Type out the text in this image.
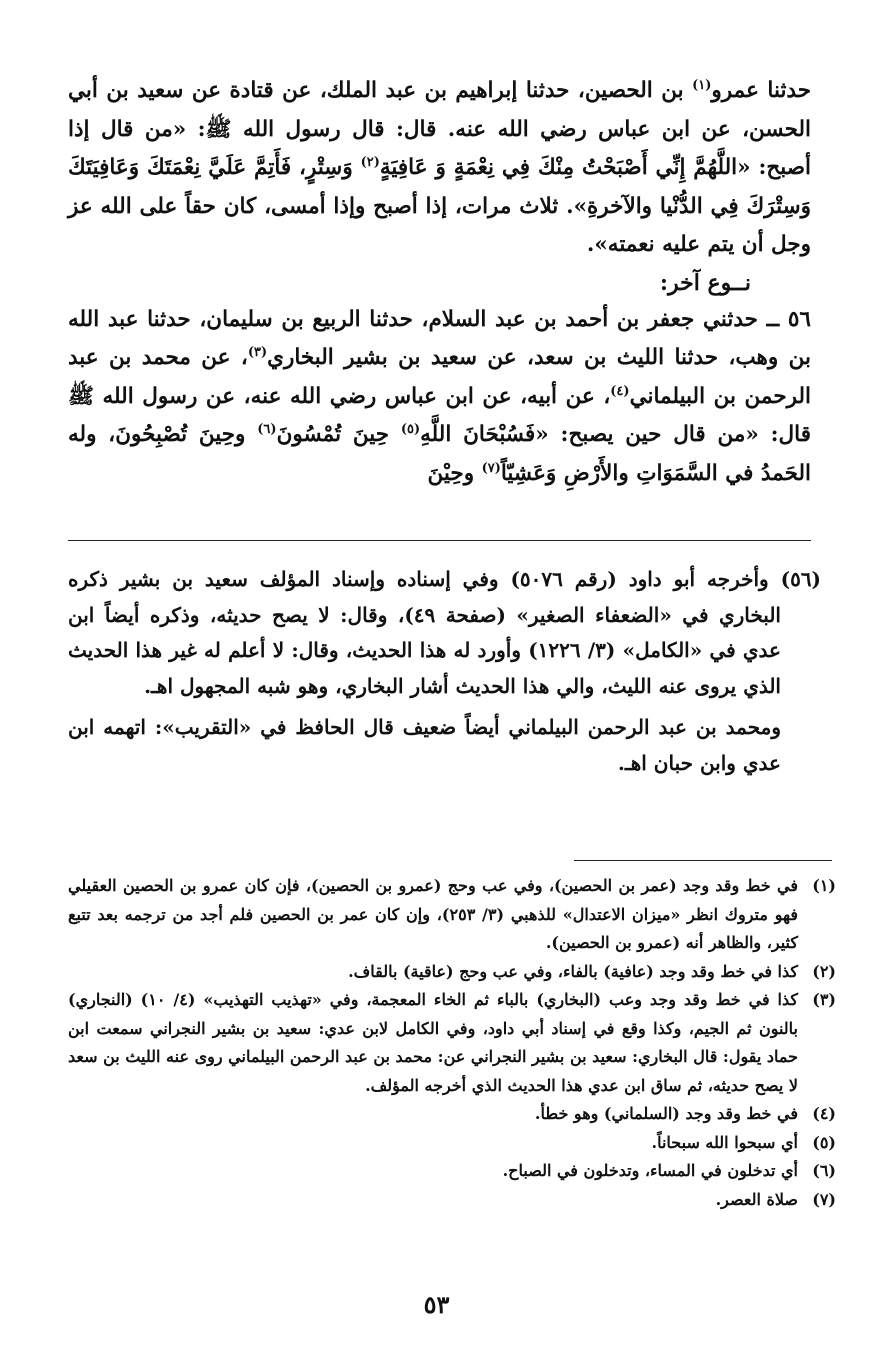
حدثنا عمرو$^{(١)}$ بن الحصين، حدثنا إبراهيم بن عبد الملك، عن قتادة عن سعيد بن أبي الحسن، عن ابن عباس رضي الله عنه. قال: قال رسول الله ﷺ: «من قال إذا أصبح: «اللَّهُمَّ إِنِّي أَصْبَحْتُ مِنْكَ فِي نِعْمَةٍ وَ عَافِيَةٍ$^{(٢)}$ وَسِتْرٍ، فَأَتِمَّ عَلَيَّ نِعْمَتَكَ وَعَافِيَتَكَ وَسِتْرَكَ فِي الدُّنْيا والآخرةِ». ثلاث مرات، إذا أصبح وإذا أمسى، كان حقاً على الله عز وجل أن يتم عليه نعمته».

نــوع آخر:

٥٦ ــ حدثني جعفر بن أحمد بن عبد السلام، حدثنا الربيع بن سليمان، حدثنا عبد الله بن وهب، حدثنا الليث بن سعد، عن سعيد بن بشير البخاري$^{(٣)}$، عن محمد بن عبد الرحمن بن البيلماني$^{(٤)}$، عن أبيه، عن ابن عباس رضي الله عنه، عن رسول الله ﷺ قال: «من قال حين يصبح: «فَسُبْحَانَ اللَّهِ$^{(٥)}$ حِينَ تُمْسُونَ$^{(٦)}$ وحِينَ تُصْبِحُونَ، وله الحَمدُ في السَّمَوَاتِ والأَرْضِ وَعَشِيّاً$^{(٧)}$ وحِيْنَ

(٥٦) وأخرجه أبو داود (رقم ٥٠٧٦) وفي إسناده وإسناد المؤلف سعيد بن بشير ذكره البخاري في «الضعفاء الصغير» (صفحة ٤٩)، وقال: لا يصح حديثه، وذكره أيضاً ابن عدي في «الكامل» (٣/ ١٢٢٦) وأورد له هذا الحديث، وقال: لا أعلم له غير هذا الحديث الذي يروى عنه الليث، والي هذا الحديث أشار البخاري، وهو شبه المجهول اهـ.

ومحمد بن عبد الرحمن البيلماني أيضاً ضعيف قال الحافظ في «التقريب»: اتهمه ابن عدي وابن حبان اهـ.

(١)
في خط وقد وجد (عمر بن الحصين)، وفي عب وحج (عمرو بن الحصين)، فإن كان عمرو بن الحصين العقيلي فهو متروك انظر «ميزان الاعتدال» للذهبي (٣/ ٢٥٣)، وإن كان عمر بن الحصين فلم أجد من ترجمه بعد تتبع كثير، والظاهر أنه (عمرو بن الحصين).
(٢)
كذا في خط وقد وجد (عافية) بالفاء، وفي عب وحج (عاقية) بالقاف.
(٣)
كذا في خط وقد وجد وعب (البخاري) بالباء ثم الخاء المعجمة، وفي «تهذيب التهذيب» (٤/ ١٠) (النجاري) بالنون ثم الجيم، وكذا وقع في إسناد أبي داود، وفي الكامل لابن عدي: سعيد بن بشير النجراني سمعت ابن حماد يقول: قال البخاري: سعيد بن بشير النجراني عن: محمد بن عبد الرحمن البيلماني روى عنه الليث بن سعد لا يصح حديثه، ثم ساق ابن عدي هذا الحديث الذي أخرجه المؤلف.
(٤)
في خط وقد وجد (السلماني) وهو خطأ.
(٥)
أي سبحوا الله سبحاناً.
(٦)
أي تدخلون في المساء، وتدخلون في الصباح.
(٧)
صلاة العصر.
٥٣
